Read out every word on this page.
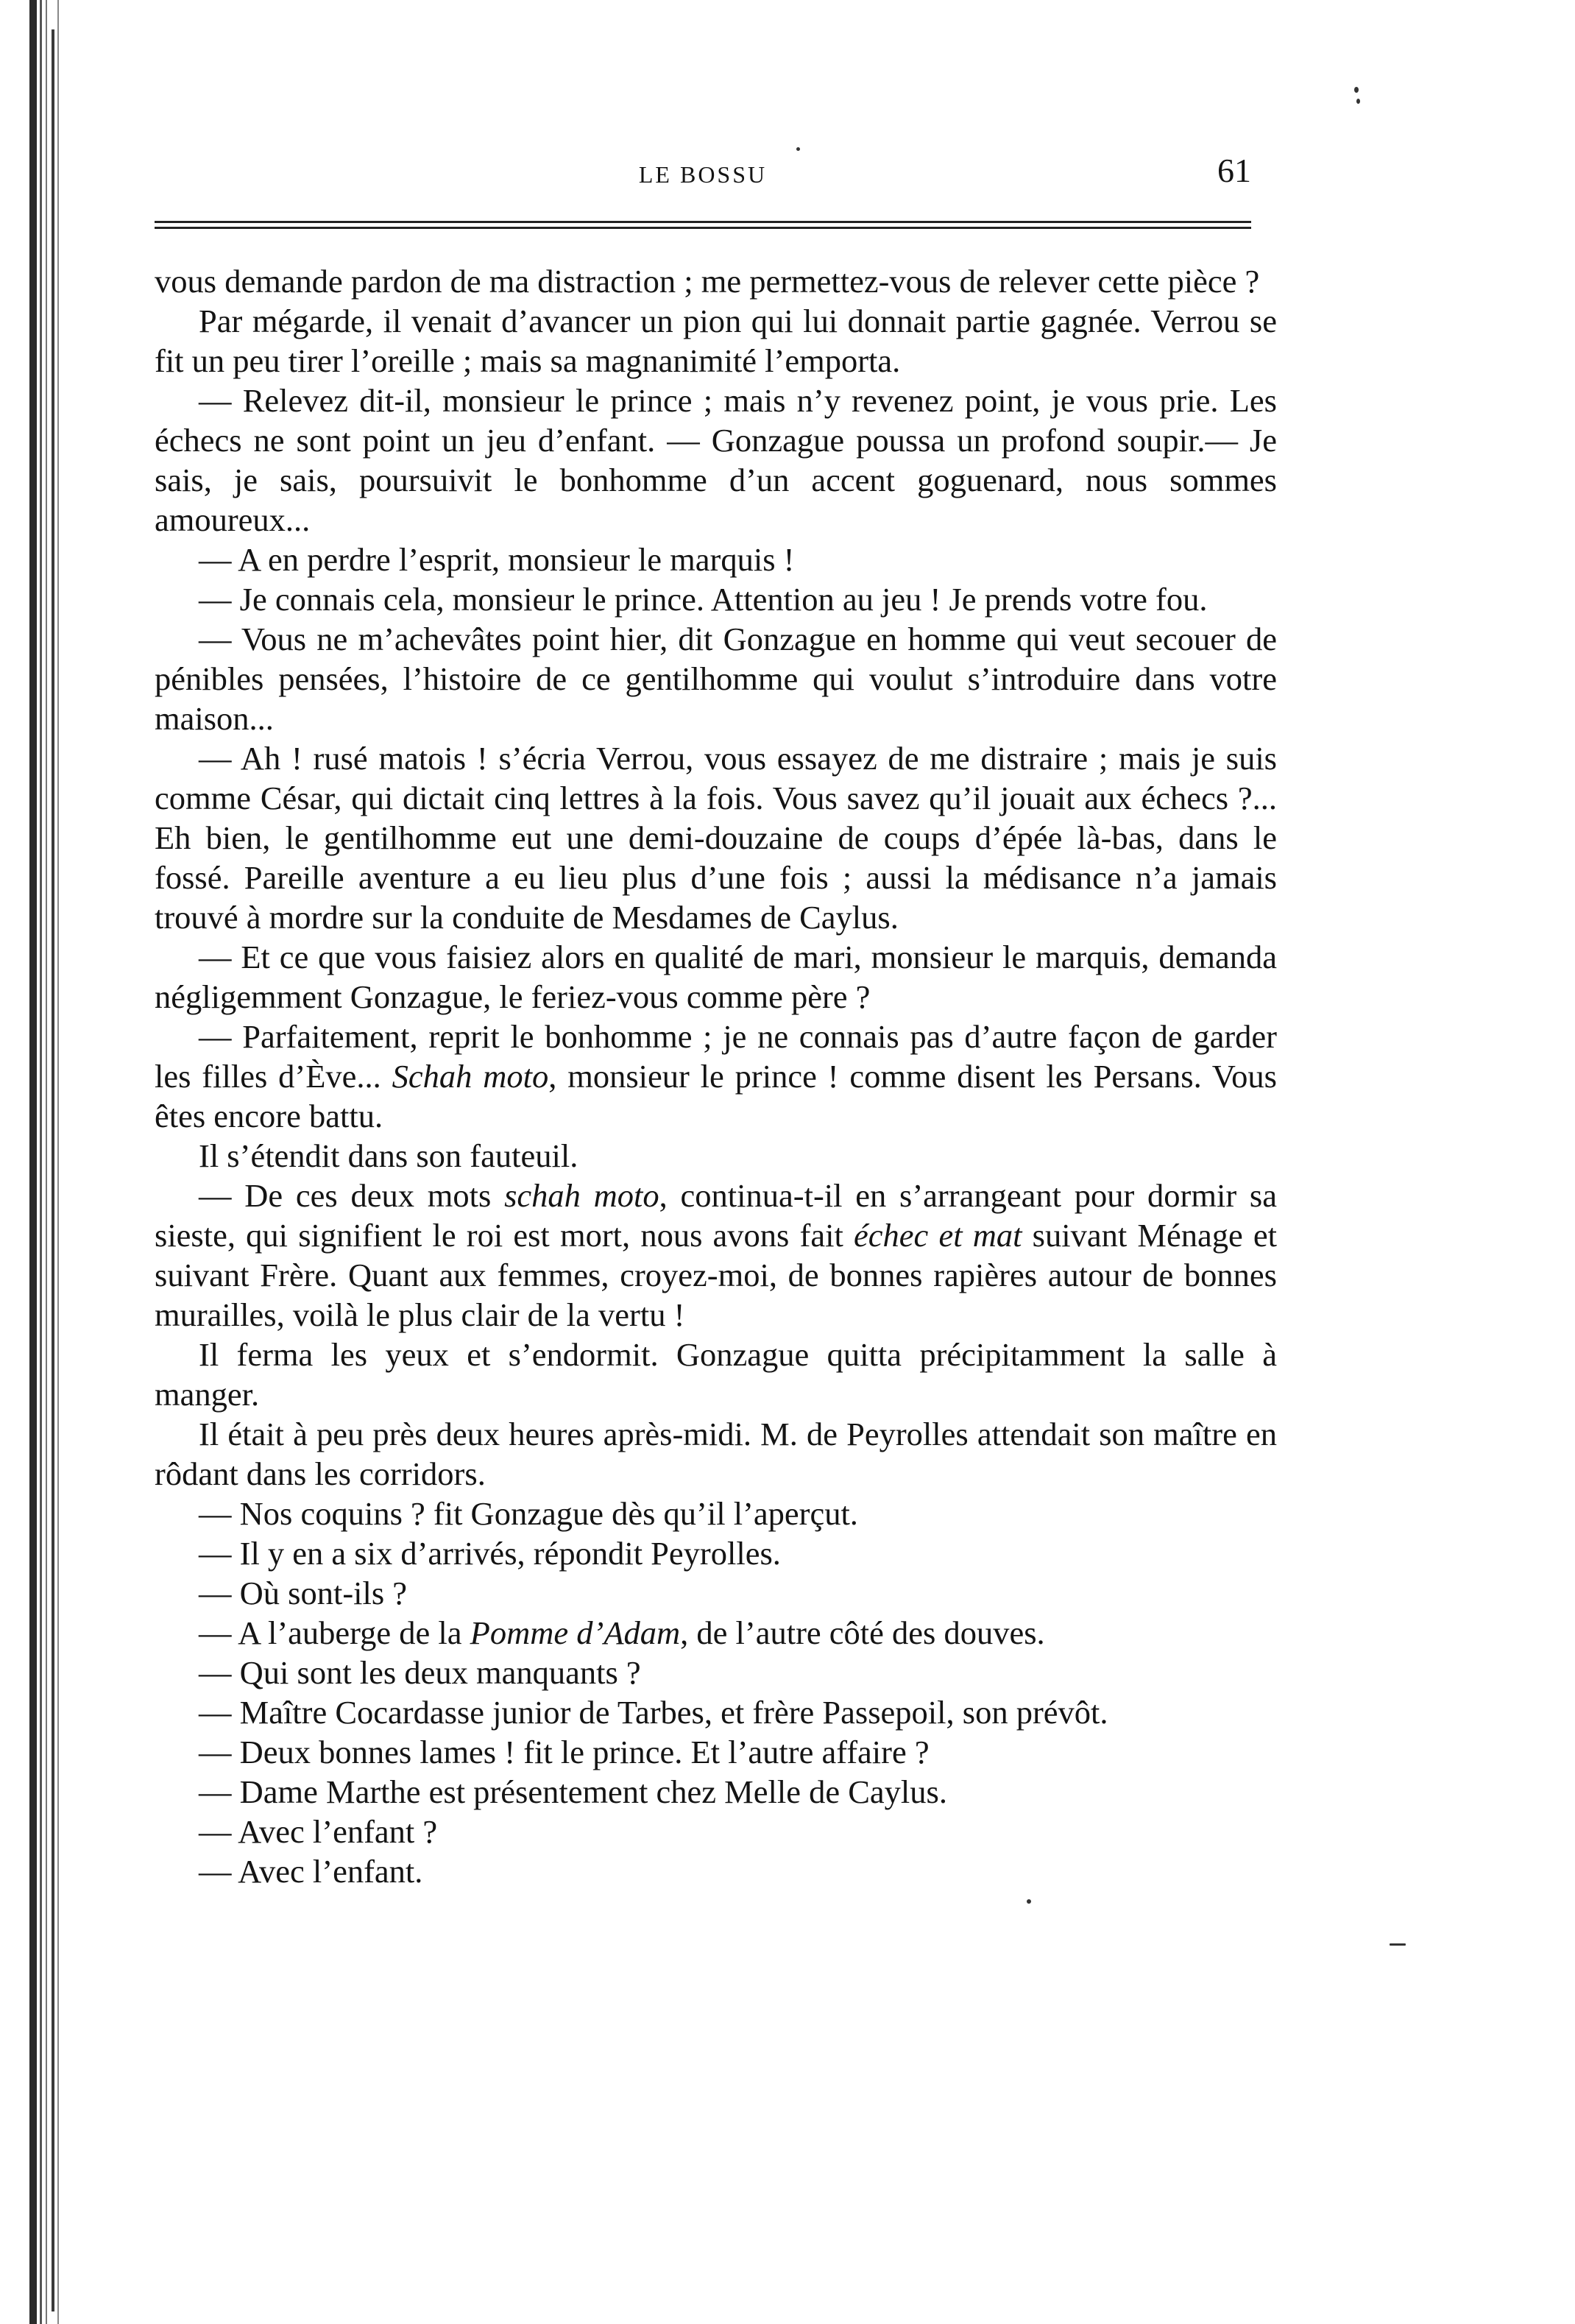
LE BOSSU	61

vous demande pardon de ma distraction ; me permettez-vous de relever cette pièce ?

Par mégarde, il venait d’avancer un pion qui lui donnait partie gagnée. Verrou se fit un peu tirer l’oreille ; mais sa magnanimité l’emporta.

— Relevez dit-il, monsieur le prince ; mais n’y revenez point, je vous prie. Les échecs ne sont point un jeu d’enfant. — Gonzague poussa un profond soupir.— Je sais, je sais, poursuivit le bonhomme d’un accent goguenard, nous sommes amoureux...

— A en perdre l’esprit, monsieur le marquis !

— Je connais cela, monsieur le prince. Attention au jeu ! Je prends votre fou.

— Vous ne m’achevâtes point hier, dit Gonzague en homme qui veut secouer de pénibles pensées, l’histoire de ce gentilhomme qui voulut s’introduire dans votre maison...

— Ah ! rusé matois ! s’écria Verrou, vous essayez de me distraire ; mais je suis comme César, qui dictait cinq lettres à la fois. Vous savez qu’il jouait aux échecs ?... Eh bien, le gentilhomme eut une demi-douzaine de coups d’épée là-bas, dans le fossé. Pareille aventure a eu lieu plus d’une fois ; aussi la médisance n’a jamais trouvé à mordre sur la conduite de Mesdames de Caylus.

— Et ce que vous faisiez alors en qualité de mari, monsieur le marquis, demanda négligemment Gonzague, le feriez-vous comme père ?

— Parfaitement, reprit le bonhomme ; je ne connais pas d’autre façon de garder les filles d’Ève... Schah moto, monsieur le prince ! comme disent les Persans. Vous êtes encore battu.

Il s’étendit dans son fauteuil.

— De ces deux mots schah moto, continua-t-il en s’arrangeant pour dormir sa sieste, qui signifient le roi est mort, nous avons fait échec et mat suivant Ménage et suivant Frère. Quant aux femmes, croyez-moi, de bonnes rapières autour de bonnes murailles, voilà le plus clair de la vertu !

Il ferma les yeux et s’endormit. Gonzague quitta précipitamment la salle à manger.

Il était à peu près deux heures après-midi. M. de Peyrolles attendait son maître en rôdant dans les corridors.

— Nos coquins ? fit Gonzague dès qu’il l’aperçut.

— Il y en a six d’arrivés, répondit Peyrolles.

— Où sont-ils ?

— A l’auberge de la Pomme d’Adam, de l’autre côté des douves.

— Qui sont les deux manquants ?

— Maître Cocardasse junior de Tarbes, et frère Passepoil, son prévôt.

— Deux bonnes lames ! fit le prince. Et l’autre affaire ?

— Dame Marthe est présentement chez Melle de Caylus.

— Avec l’enfant ?

— Avec l’enfant.
